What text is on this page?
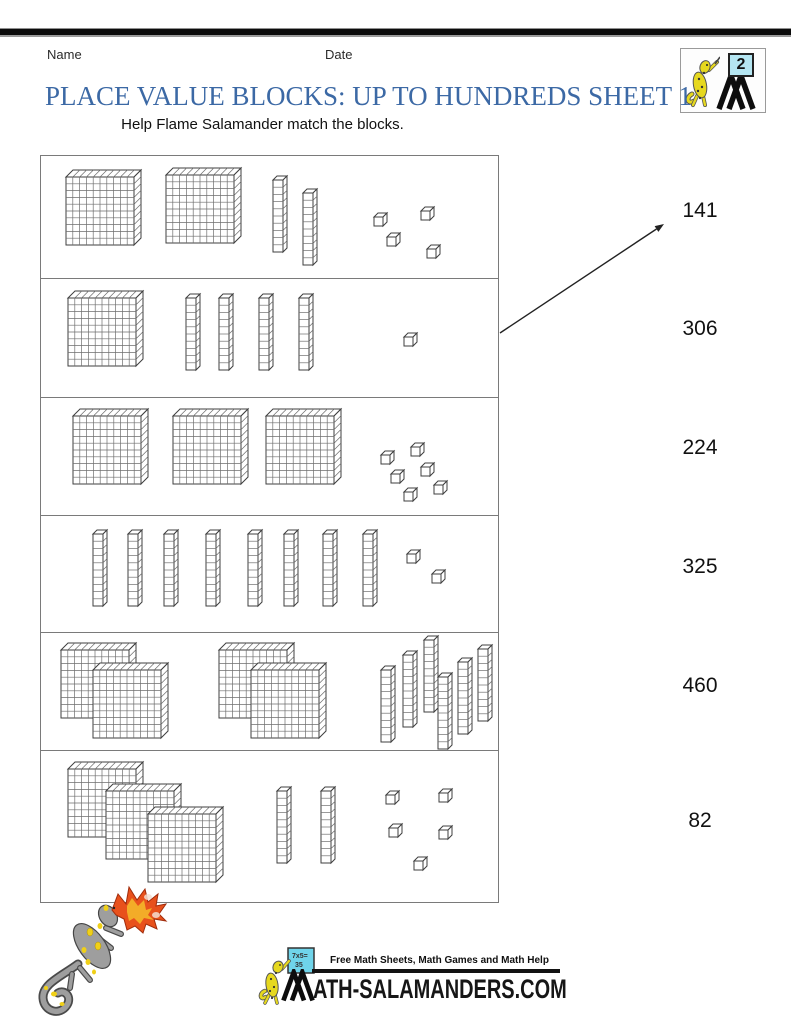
Name	Date
2
PLACE VALUE BLOCKS: UP TO HUNDREDS SHEET 1
Help Flame Salamander match the blocks.
141
306
224
325
460
82
7x5=
35	Free Math Sheets, Math Games and Math Help
ATH-SALAMANDERS.COM
